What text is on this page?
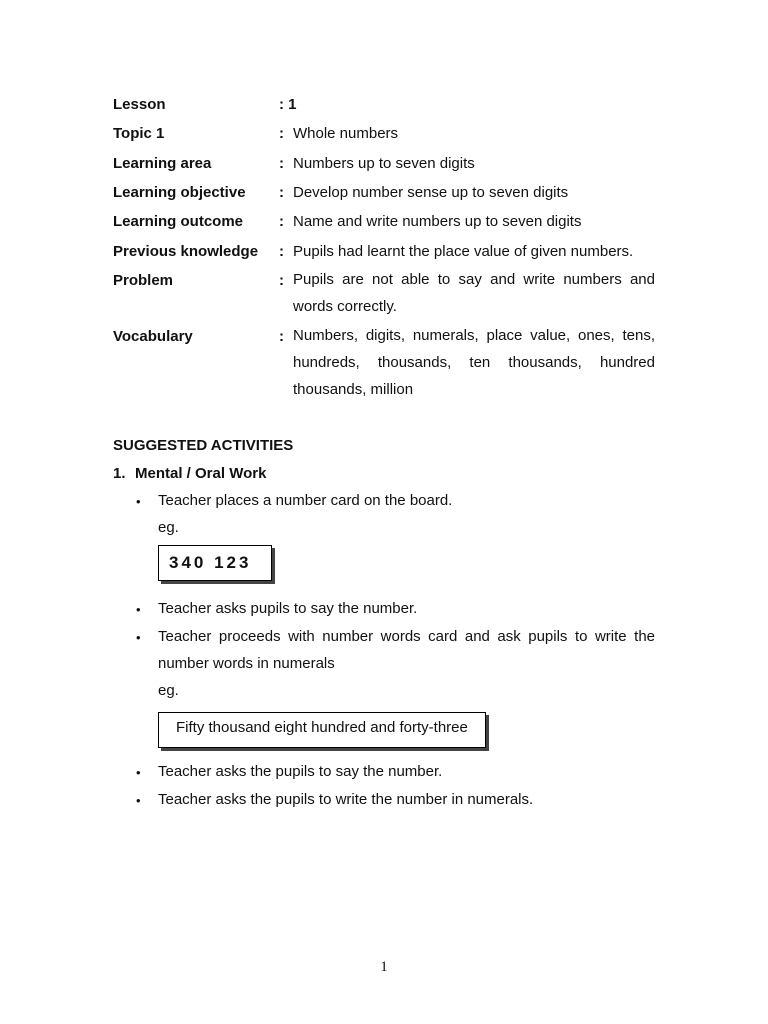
Lesson	: 1
Topic 1	: Whole numbers
Learning area	: Numbers up to seven digits
Learning objective : Develop number sense up to seven digits
Learning outcome : Name and write numbers up to seven digits
Previous knowledge : Pupils had learnt the place value of given numbers.
Problem	: Pupils are not able to say and write numbers and words correctly.
Vocabulary	: Numbers, digits, numerals, place value, ones, tens, hundreds, thousands, ten thousands, hundred thousands, million
SUGGESTED ACTIVITIES
1. Mental / Oral Work
• Teacher places a number card on the board.
eg.
340 123
• Teacher asks pupils to say the number.
• Teacher proceeds with number words card and ask pupils to write the number words in numerals
eg.
Fifty thousand eight hundred and forty-three
• Teacher asks the pupils to say the number.
• Teacher asks the pupils to write the number in numerals.
1
